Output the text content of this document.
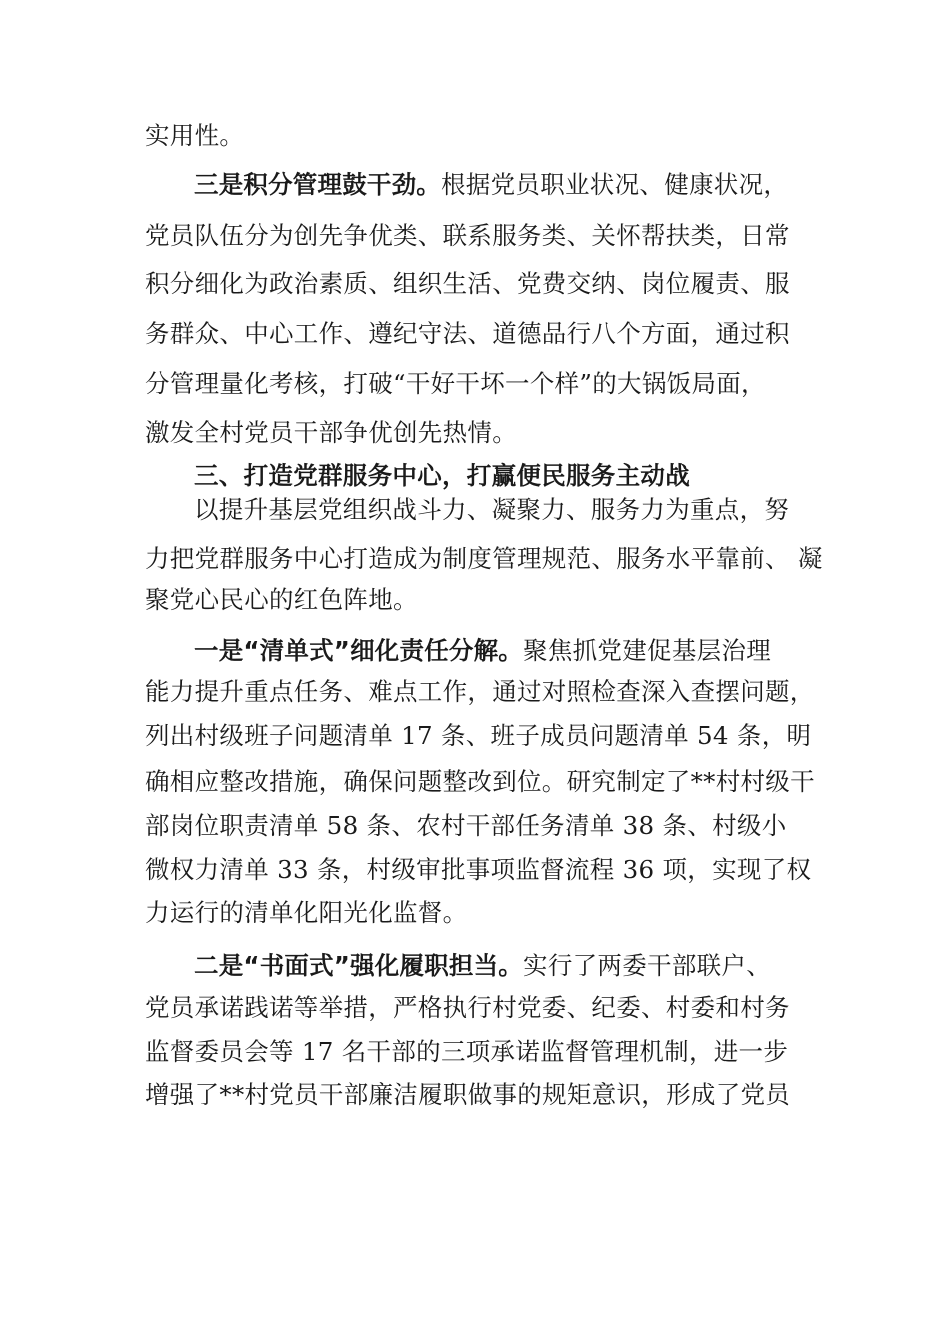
实用性。
三是积分管理鼓干劲。根据党员职业状况、健康状况，
党员队伍分为创先争优类、联系服务类、关怀帮扶类，日常
积分细化为政治素质、组织生活、党费交纳、岗位履责、服
务群众、中心工作、遵纪守法、道德品行八个方面，通过积
分管理量化考核，打破“干好干坏一个样”的大锅饭局面，
激发全村党员干部争优创先热情。
三、打造党群服务中心，打赢便民服务主动战
以提升基层党组织战斗力、凝聚力、服务力为重点，努
力把党群服务中心打造成为制度管理规范、服务水平靠前、 凝
聚党心民心的红色阵地。
一是“清单式”细化责任分解。聚焦抓党建促基层治理
能力提升重点任务、难点工作，通过对照检查深入查摆问题，
列出村级班子问题清单 17 条、班子成员问题清单 54 条，明
确相应整改措施，确保问题整改到位。研究制定了**村村级干
部岗位职责清单 58 条、农村干部任务清单 38 条、村级小
微权力清单 33 条，村级审批事项监督流程 36 项，实现了权
力运行的清单化阳光化监督。
二是“书面式”强化履职担当。实行了两委干部联户、
党员承诺践诺等举措，严格执行村党委、纪委、村委和村务
监督委员会等 17 名干部的三项承诺监督管理机制，进一步
增强了**村党员干部廉洁履职做事的规矩意识，形成了党员
